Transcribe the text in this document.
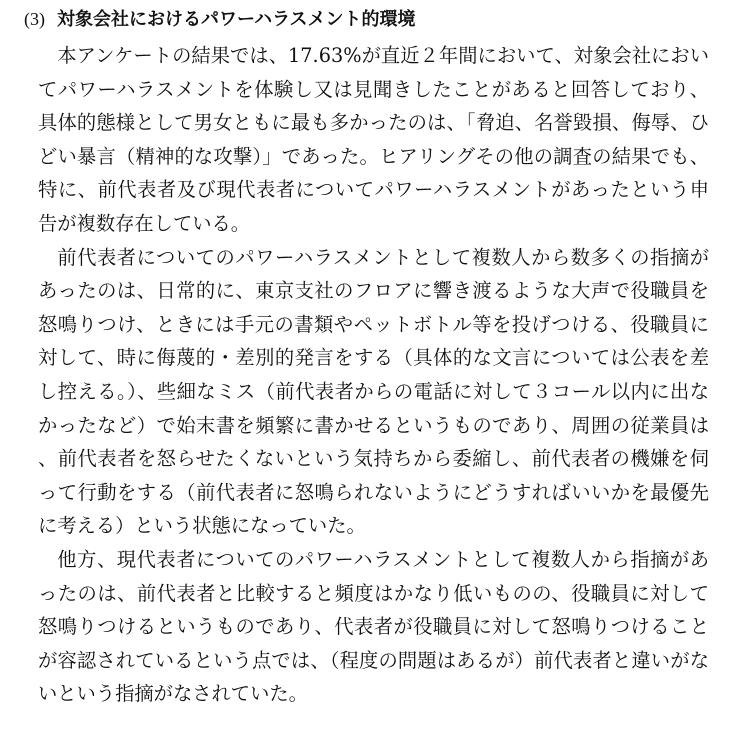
(3) 対象会社におけるパワーハラスメント的環境

本アンケートの結果では、17.63%が直近２年間において、対象会社においてパワーハラスメントを体験し又は見聞きしたことがあると回答しており、具体的態様として男女ともに最も多かったのは、「脅迫、名誉毀損、侮辱、ひどい暴言（精神的な攻撃）」であった。ヒアリングその他の調査の結果でも、特に、前代表者及び現代表者についてパワーハラスメントがあったという申告が複数存在している。

前代表者についてのパワーハラスメントとして複数人から数多くの指摘があったのは、日常的に、東京支社のフロアに響き渡るような大声で役職員を怒鳴りつけ、ときには手元の書類やペットボトル等を投げつける、役職員に対して、時に侮蔑的・差別的発言をする（具体的な文言については公表を差し控える。）、些細なミス（前代表者からの電話に対して３コール以内に出なかったなど）で始末書を頻繁に書かせるというものであり、周囲の従業員は、前代表者を怒らせたくないという気持ちから委縮し、前代表者の機嫌を伺って行動をする（前代表者に怒鳴られないようにどうすればいいかを最優先に考える）という状態になっていた。

他方、現代表者についてのパワーハラスメントとして複数人から指摘があったのは、前代表者と比較すると頻度はかなり低いものの、役職員に対して怒鳴りつけるというものであり、代表者が役職員に対して怒鳴りつけることが容認されているという点では、（程度の問題はあるが）前代表者と違いがないという指摘がなされていた。
